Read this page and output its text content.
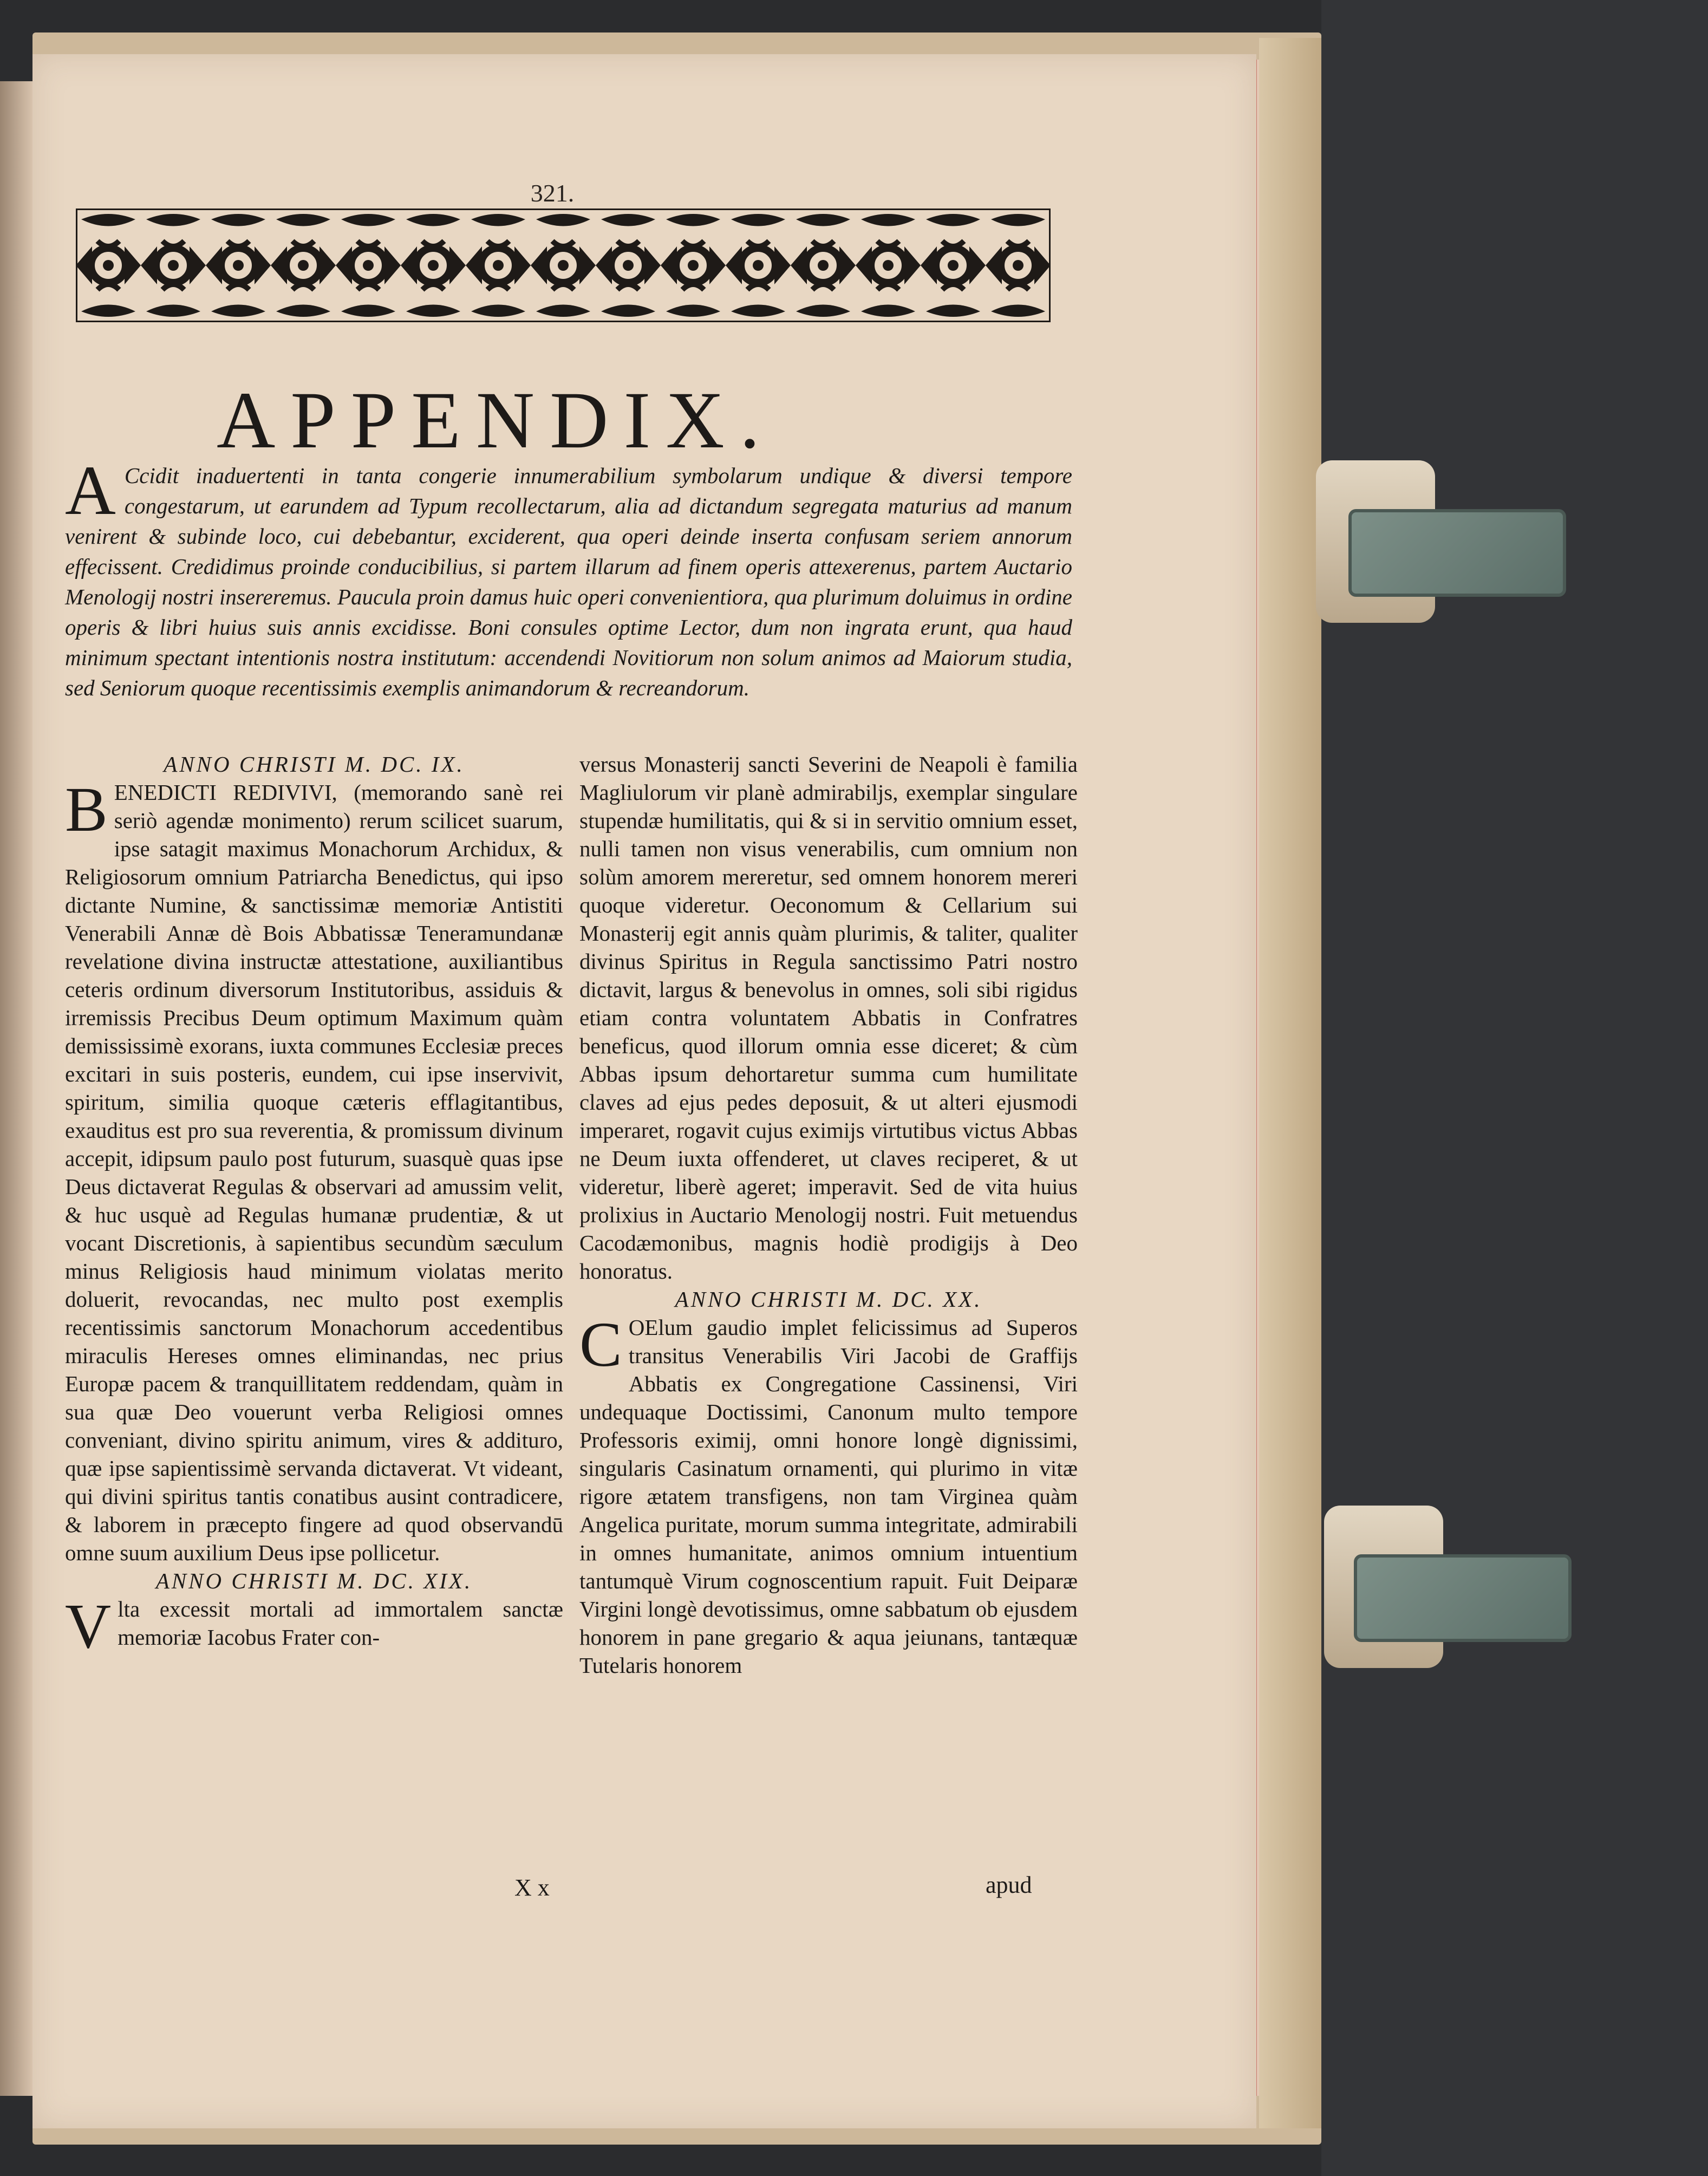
321.
APPENDIX.
A Ccidit inaduertenti in tanta congerie innumerabilium symbolarum undique & diversi tempore congestarum, ut earundem ad Typum recollectarum, alia ad dictandum segregata maturius ad manum venirent & subinde loco, cui debebantur, exciderent, qua operi deinde inserta confusam seriem annorum effecissent. Credidimus proinde conducibilius, si partem illarum ad finem operis attexerenus, partem Auctario Menologij nostri insereremus. Paucula proin damus huic operi convenientiora, qua plurimum doluimus in ordine operis & libri huius suis annis excidisse. Boni consules optime Lector, dum non ingrata erunt, qua haud minimum spectant intentionis nostra institutum: accendendi Novitiorum non solum animos ad Maiorum studia, sed Seniorum quoque recentissimis exemplis animandorum & recreandorum.

ANNO CHRISTI M. DC. IX.

B ENEDICTI REDIVIVI, (memorando sanè rei seriò agendæ monimento) rerum scilicet suarum, ipse satagit maximus Monachorum Archidux, & Religiosorum omnium Patriarcha Benedictus, qui ipso dictante Numine, & sanctissimæ memoriæ Antistiti Venerabili Annæ dè Bois Abbatissæ Teneramundanæ revelatione divina instructæ attestatione, auxiliantibus ceteris ordinum diversorum Institutoribus, assiduis & irremissis Precibus Deum optimum Maximum quàm demississimè exorans, iuxta communes Ecclesiæ preces excitari in suis posteris, eundem, cui ipse inservivit, spiritum, similia quoque cæteris efflagitantibus, exauditus est pro sua reverentia, & promissum divinum accepit, idipsum paulo post futurum, suasquè quas ipse Deus dictaverat Regulas & observari ad amussim velit, & huc usquè ad Regulas humanæ prudentiæ, & ut vocant Discretionis, à sapientibus secundùm sæculum minus Religiosis haud minimum violatas merito doluerit, revocandas, nec multo post exemplis recentissimis sanctorum Monachorum accedentibus miraculis Hereses omnes eliminandas, nec prius Europæ pacem & tranquillitatem reddendam, quàm in sua quæ Deo vouerunt verba Religiosi omnes conveniant, divino spiritu animum, vires & addituro, quæ ipse sapientissimè servanda dictaverat. Vt videant, qui divini spiritus tantis conatibus ausint contradicere, & laborem in præcepto fingere ad quod observandū omne suum auxilium Deus ipse pollicetur.

ANNO CHRISTI M. DC. XIX.

V lta excessit mortali ad immortalem sanctæ memoriæ Iacobus Frater con-

X x

versus Monasterij sancti Severini de Neapoli è familia Magliulorum vir planè admirabiljs, exemplar singulare stupendæ humilitatis, qui & si in servitio omnium esset, nulli tamen non visus venerabilis, cum omnium non solùm amorem mereretur, sed omnem honorem mereri quoque videretur. Oeconomum & Cellarium sui Monasterij egit annis quàm plurimis, & taliter, qualiter divinus Spiritus in Regula sanctissimo Patri nostro dictavit, largus & benevolus in omnes, soli sibi rigidus etiam contra voluntatem Abbatis in Confratres beneficus, quod illorum omnia esse diceret; & cùm Abbas ipsum dehortaretur summa cum humilitate claves ad ejus pedes deposuit, & ut alteri ejusmodi imperaret, rogavit cujus eximijs virtutibus victus Abbas ne Deum iuxta offenderet, ut claves reciperet, & ut videretur, liberè ageret; imperavit. Sed de vita huius prolixius in Auctario Menologij nostri. Fuit metuendus Cacodæmonibus, magnis hodiè prodigijs à Deo honoratus.

ANNO CHRISTI M. DC. XX.

C OElum gaudio implet felicissimus ad Superos transitus Venerabilis Viri Jacobi de Graffijs Abbatis ex Congregatione Cassinensi, Viri undequaque Doctissimi, Canonum multo tempore Professoris eximij, omni honore longè dignissimi, singularis Casinatum ornamenti, qui plurimo in vitæ rigore ætatem transfigens, non tam Virginea quàm Angelica puritate, morum summa integritate, admirabili in omnes humanitate, animos omnium intuentium tantumquè Virum cognoscentium rapuit. Fuit Deiparæ Virgini longè devotissimus, omne sabbatum ob ejusdem honorem in pane gregario & aqua jeiunans, tantæquæ Tutelaris honorem

apud
